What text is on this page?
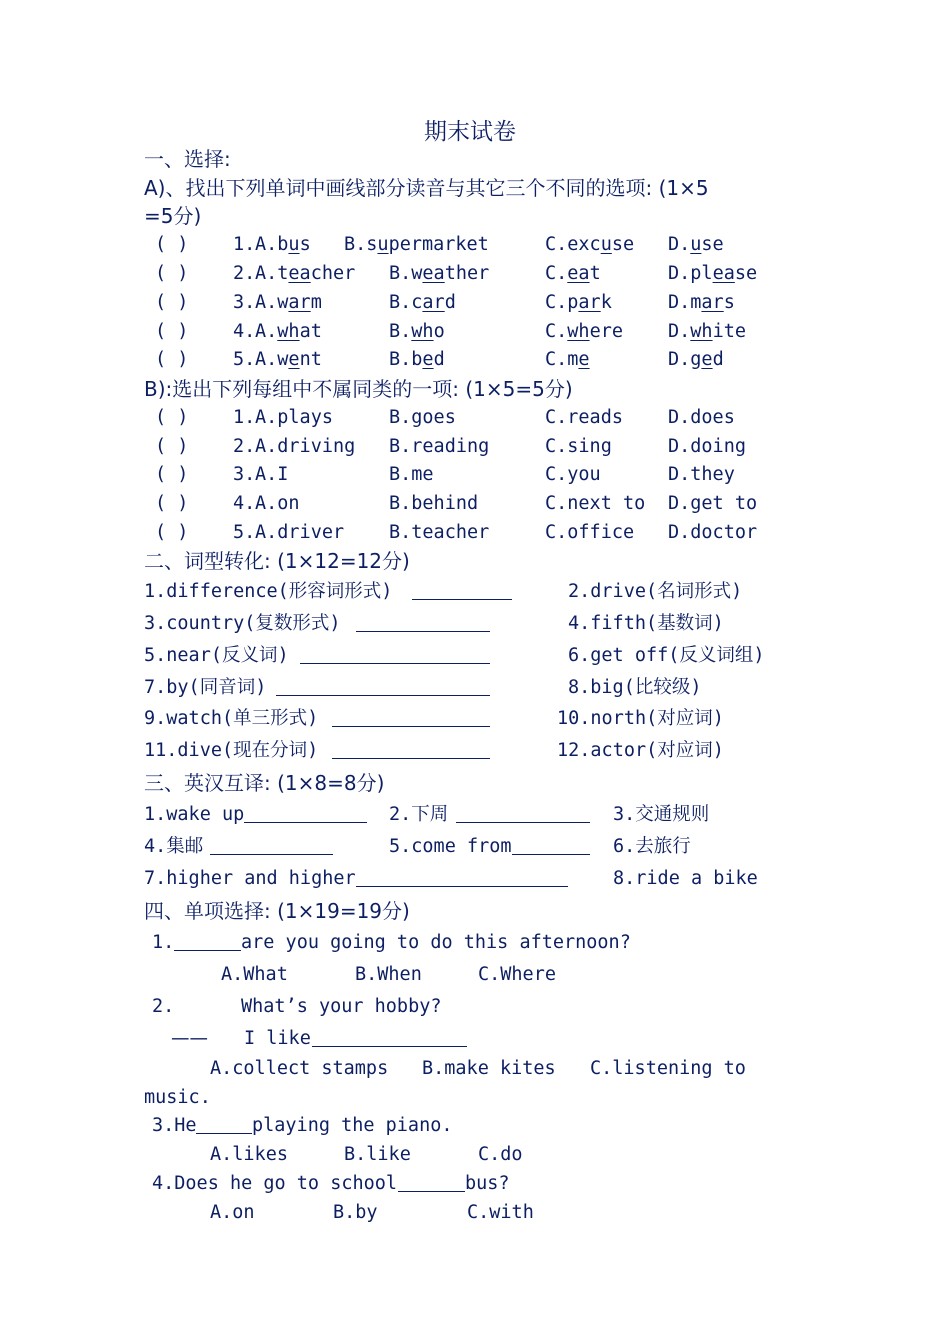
期末试卷
一、选择:
A)、找出下列单词中画线部分读音与其它三个不同的选项: (1×5
=5分)
B):选出下列每组中不属同类的一项: (1×5=5分)
二、词型转化: (1×12=12分)
1.difference(形容词形式)	2.drive(名词形式)
3.country(复数形式)	4.fifth(基数词)
5.near(反义词)	6.get off(反义词组)
7.by(同音词)	8.big(比较级)
9.watch(单三形式)	10.north(对应词)
11.dive(现在分词)	12.actor(对应词)
三、英汉互译: (1×8=8分)
1.wake up	2.下周	3.交通规则
4.集邮	5.come from	6.去旅行
7.higher and higher	8.ride a bike
四、单项选择: (1×19=19分)
1.	are you going to do this afternoon?
A.What	B.When	C.Where
2.	What’s your hobby?
—— I like
A.collect stamps B.make kites C.listening to
music.
3.He	playing the piano.
A.likes	B.like	C.do
4.Does he go to school	bus?
A.on	B.by	C.with
( ) 1. A.bus B.supermarket	C.excuse D.use
( ) 2. A.teacher B.weather	C.eat	D.please
( ) 3. A.warm	B.card	C.park	D.mars
( ) 4. A.what	B.who	C.where D.white
( ) 5. A.went	B.bed	C.me	D.ged
( ) 1. A.plays	B.goes	C.reads D.does
( ) 2. A.driving B.reading	C.sing	D.doing
( ) 3. A.I	B.me	C.you	D.they
( ) 4. A.on	B.behind	C.next to D.get to
( ) 5. A.driver B.teacher	C.office D.doctor
